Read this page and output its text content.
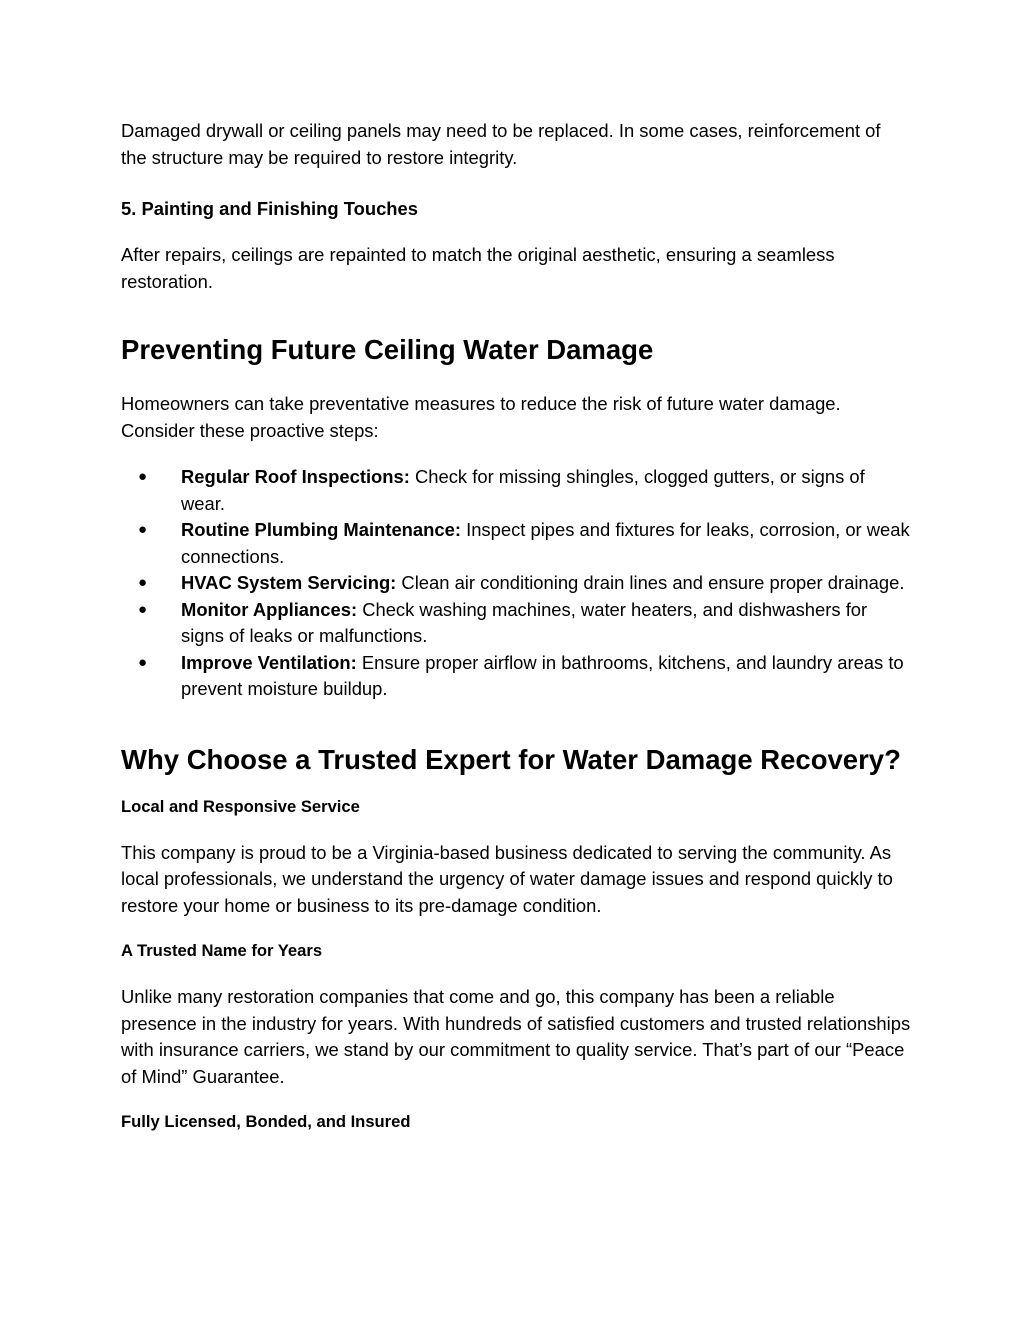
Damaged drywall or ceiling panels may need to be replaced. In some cases, reinforcement of the structure may be required to restore integrity.

5. Painting and Finishing Touches

After repairs, ceilings are repainted to match the original aesthetic, ensuring a seamless restoration.

Preventing Future Ceiling Water Damage

Homeowners can take preventative measures to reduce the risk of future water damage. Consider these proactive steps:

● Regular Roof Inspections: Check for missing shingles, clogged gutters, or signs of wear.
● Routine Plumbing Maintenance: Inspect pipes and fixtures for leaks, corrosion, or weak connections.
● HVAC System Servicing: Clean air conditioning drain lines and ensure proper drainage.
● Monitor Appliances: Check washing machines, water heaters, and dishwashers for signs of leaks or malfunctions.
● Improve Ventilation: Ensure proper airflow in bathrooms, kitchens, and laundry areas to prevent moisture buildup.
Why Choose a Trusted Expert for Water Damage Recovery?
Local and Responsive Service

This company is proud to be a Virginia-based business dedicated to serving the community. As local professionals, we understand the urgency of water damage issues and respond quickly to restore your home or business to its pre-damage condition.

A Trusted Name for Years

Unlike many restoration companies that come and go, this company has been a reliable presence in the industry for years. With hundreds of satisfied customers and trusted relationships with insurance carriers, we stand by our commitment to quality service. That’s part of our “Peace of Mind” Guarantee.

Fully Licensed, Bonded, and Insured
